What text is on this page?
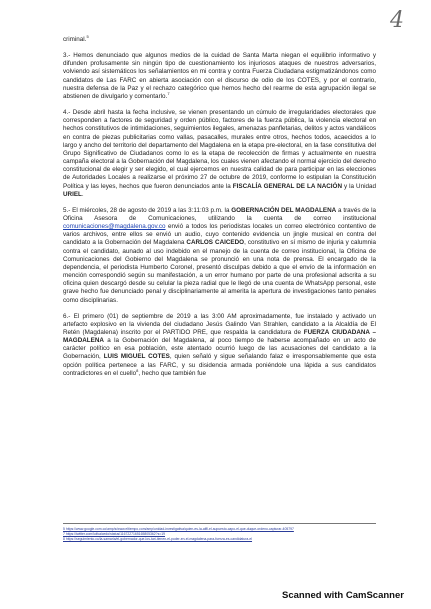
4

criminal.$^5$

3.- Hemos denunciado que algunos medios de la cuidad de Santa Marta niegan el equilibrio informativo y difunden profusamente sin ningún tipo de cuestionamiento los injuriosos ataques de nuestros adversarios, volviendo así sistemáticos los señalamientos en mi contra y contra Fuerza Ciudadana estigmatizándonos como candidatos de Las FARC en abierta asociación con el discurso de odio de los COTES, y por el contrario, nuestra defensa de la Paz y el rechazo categórico que hemos hecho del rearme de esta agrupación ilegal se abstienen de divulgarlo y comentarlo.$^7$

4.- Desde abril hasta la fecha inclusive, se vienen presentando un cúmulo de irregularidades electorales que corresponden a factores de seguridad y orden público, factores de la fuerza pública, la violencia electoral en hechos constitutivos de intimidaciones, seguimientos ilegales, amenazas panfletarias, delitos y actos vandálicos en contra de piezas publicitarias como vallas, pasacalles, murales entre otros, hechos todos, acaecidos a lo largo y ancho del territorio del departamento del Magdalena en la etapa pre-electoral, en la fase constitutiva del Grupo Significativo de Ciudadanos como lo es la etapa de recolección de firmas y actualmente en nuestra campaña electoral a la Gobernación del Magdalena, los cuales vienen afectando el normal ejercicio del derecho constitucional de elegir y ser elegido, el cual ejercemos en nuestra calidad de para participar en las elecciones de Autoridades Locales a realizarse el próximo 27 de octubre de 2019, conforme lo estipulan la Constitución Política y las leyes, hechos que fueron denunciados ante la FISCALÍA GENERAL DE LA NACIÓN y la Unidad URIEL.

5.- El miércoles, 28 de agosto de 2019 a las 3:11:03 p.m. la GOBERNACIÓN DEL MAGDALENA a través de la Oficina Asesora de Comunicaciones, utilizando la cuenta de correo institucional comunicaciones@magdalena.gov.co envió a todos los periodistas locales un correo electrónico contentivo de varios archivos, entre ellos se envió un audio, cuyo contenido evidencia un jingle musical en contra del candidato a la Gobernación del Magdalena CARLOS CAICEDO, constitutivo en sí mismo de injuria y calumnia contra el candidato, aunado al uso indebido en el manejo de la cuenta de correo institucional, la Oficina de Comunicaciones del Gobierno del Magdalena se pronunció en una nota de prensa. El encargado de la dependencia, el periodista Humberto Coronel, presentó disculpas debido a que el envío de la información en mención correspondió según su manifestación, a un error humano por parte de una profesional adscrita a su oficina quien descargó desde su celular la pieza radial que le llegó de una cuenta de WhatsApp personal, este grave hecho fue denunciado penal y disciplinariamente al amerita la apertura de investigaciones tanto penales como disciplinarias.

6.- El primero (01) de septiembre de 2019 a las 3:00 AM aproximadamente, fue instalado y activado un artefacto explosivo en la vivienda del ciudadano Jesús Galindo Van Strahlen, candidato a la Alcaldía de El Retén (Magdalena) inscrito por el PARTIDO PRE, que respalda la candidatura de FUERZA CIUDADANA – MAGDALENA a la Gobernación del Magdalena, al poco tiempo de haberse acompañado en un acto de carácter político en esa población, este atentado ocurrió luego de las acusaciones del candidato a la Gobernación, LUIS MIGUEL COTES, quien señaló y sigue señalando falaz e irresponsablemente que esta opción política pertenece a las FARC, y su disidencia armada poniéndole una lápida a sus candidatos contradictores en el cuello$^8$, hecho que también fue

5 https://www.google.com.co/amp/s/www.eltiempo.com/amp/unidad-investigativa/quien-es-la-alfil-el-supuesto-capo-el-que-duque-ordeno-capturar-405797
7 https://twitter.com/luifcaicedo/status/1167227165165805362?s=19
8 https://seguimiento.co/la-samaria/el-gobernador-que-los-tari-tienen-el-poder-en-el-magdalena-para-fuerza-es-candidatura-el
Scanned with CamScanner
